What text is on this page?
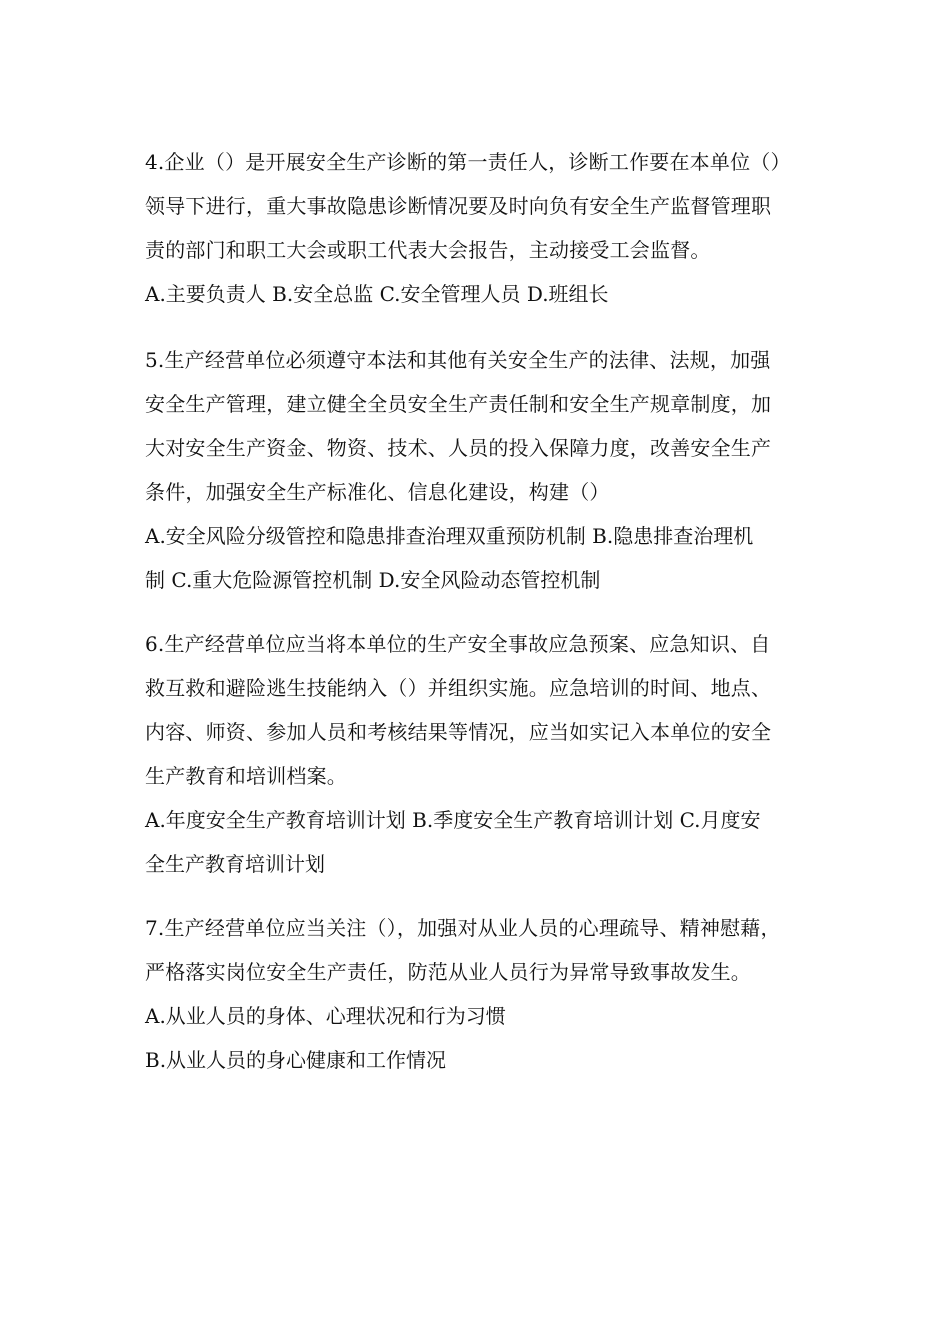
4.企业（）是开展安全生产诊断的第一责任人，诊断工作要在本单位（）
领导下进行，重大事故隐患诊断情况要及时向负有安全生产监督管理职
责的部门和职工大会或职工代表大会报告，主动接受工会监督。
A.主要负责人 B.安全总监 C.安全管理人员 D.班组长
5.生产经营单位必须遵守本法和其他有关安全生产的法律、法规，加强
安全生产管理，建立健全全员安全生产责任制和安全生产规章制度，加
大对安全生产资金、物资、技术、人员的投入保障力度，改善安全生产
条件，加强安全生产标准化、信息化建设，构建（）
A.安全风险分级管控和隐患排查治理双重预防机制 B.隐患排查治理机
制 C.重大危险源管控机制 D.安全风险动态管控机制
6.生产经营单位应当将本单位的生产安全事故应急预案、应急知识、自
救互救和避险逃生技能纳入（）并组织实施。应急培训的时间、地点、
内容、师资、参加人员和考核结果等情况，应当如实记入本单位的安全
生产教育和培训档案。
A.年度安全生产教育培训计划 B.季度安全生产教育培训计划 C.月度安
全生产教育培训计划
7.生产经营单位应当关注（），加强对从业人员的心理疏导、精神慰藉，
严格落实岗位安全生产责任，防范从业人员行为异常导致事故发生。
A.从业人员的身体、心理状况和行为习惯
B.从业人员的身心健康和工作情况
